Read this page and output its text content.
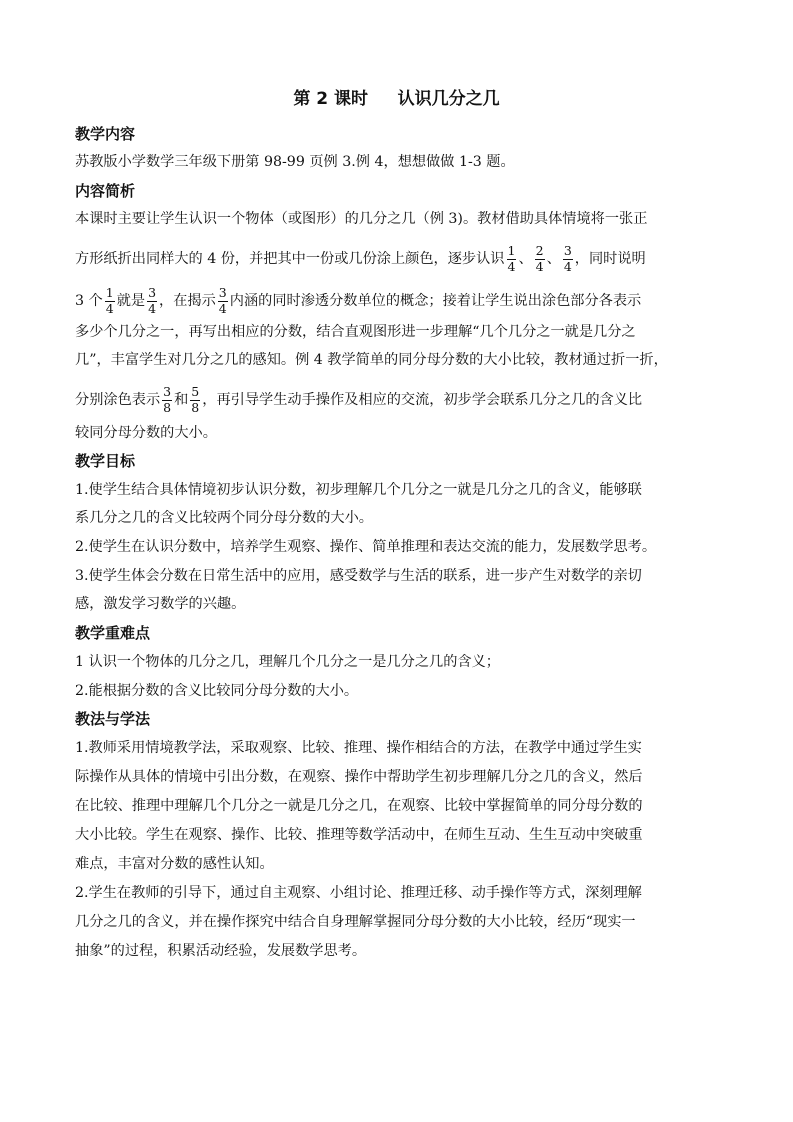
第 2 课时     认识几分之几
教学内容
苏教版小学数学三年级下册第 98-99 页例 3.例 4，想想做做 1-3 题。
内容简析
本课时主要让学生认识一个物体（或图形）的几分之几（例 3)。教材借助具体情境将一张正
方形纸折出同样大的 4 份，并把其中一份或几份涂上颜色，逐步认识 $\frac{1}{4}$ 、 $\frac{2}{4}$ 、 $\frac{3}{4}$ ，同时说明
3 个 $\frac{1}{4}$ 就是 $\frac{3}{4}$ ，在揭示 $\frac{3}{4}$ 内涵的同时渗透分数单位的概念；接着让学生说出涂色部分各表示
多少个几分之一，再写出相应的分数，结合直观图形进一步理解“几个几分之一就是几分之
几”，丰富学生对几分之几的感知。例 4 教学简单的同分母分数的大小比较，教材通过折一折，
分别涂色表示 $\frac{3}{8}$ 和 $\frac{5}{8}$ ，再引导学生动手操作及相应的交流，初步学会联系几分之几的含义比
较同分母分数的大小。
教学目标
1.使学生结合具体情境初步认识分数，初步理解几个几分之一就是几分之几的含义，能够联
系几分之几的含义比较两个同分母分数的大小。
2.使学生在认识分数中，培养学生观察、操作、简单推理和表达交流的能力，发展数学思考。
3.使学生体会分数在日常生活中的应用，感受数学与生活的联系，进一步产生对数学的亲切
感，激发学习数学的兴趣。
教学重难点
1 认识一个物体的几分之几，理解几个几分之一是几分之几的含义；
2.能根据分数的含义比较同分母分数的大小。
教法与学法
1.教师采用情境教学法，采取观察、比较、推理、操作相结合的方法，在教学中通过学生实
际操作从具体的情境中引出分数，在观察、操作中帮助学生初步理解几分之几的含义，然后
在比较、推理中理解几个几分之一就是几分之几，在观察、比较中掌握简单的同分母分数的
大小比较。学生在观察、操作、比较、推理等数学活动中，在师生互动、生生互动中突破重
难点，丰富对分数的感性认知。
2.学生在教师的引导下，通过自主观察、小组讨论、推理迁移、动手操作等方式，深刻理解
几分之几的含义，并在操作探究中结合自身理解掌握同分母分数的大小比较，经历“现实一
抽象”的过程，积累活动经验，发展数学思考。
